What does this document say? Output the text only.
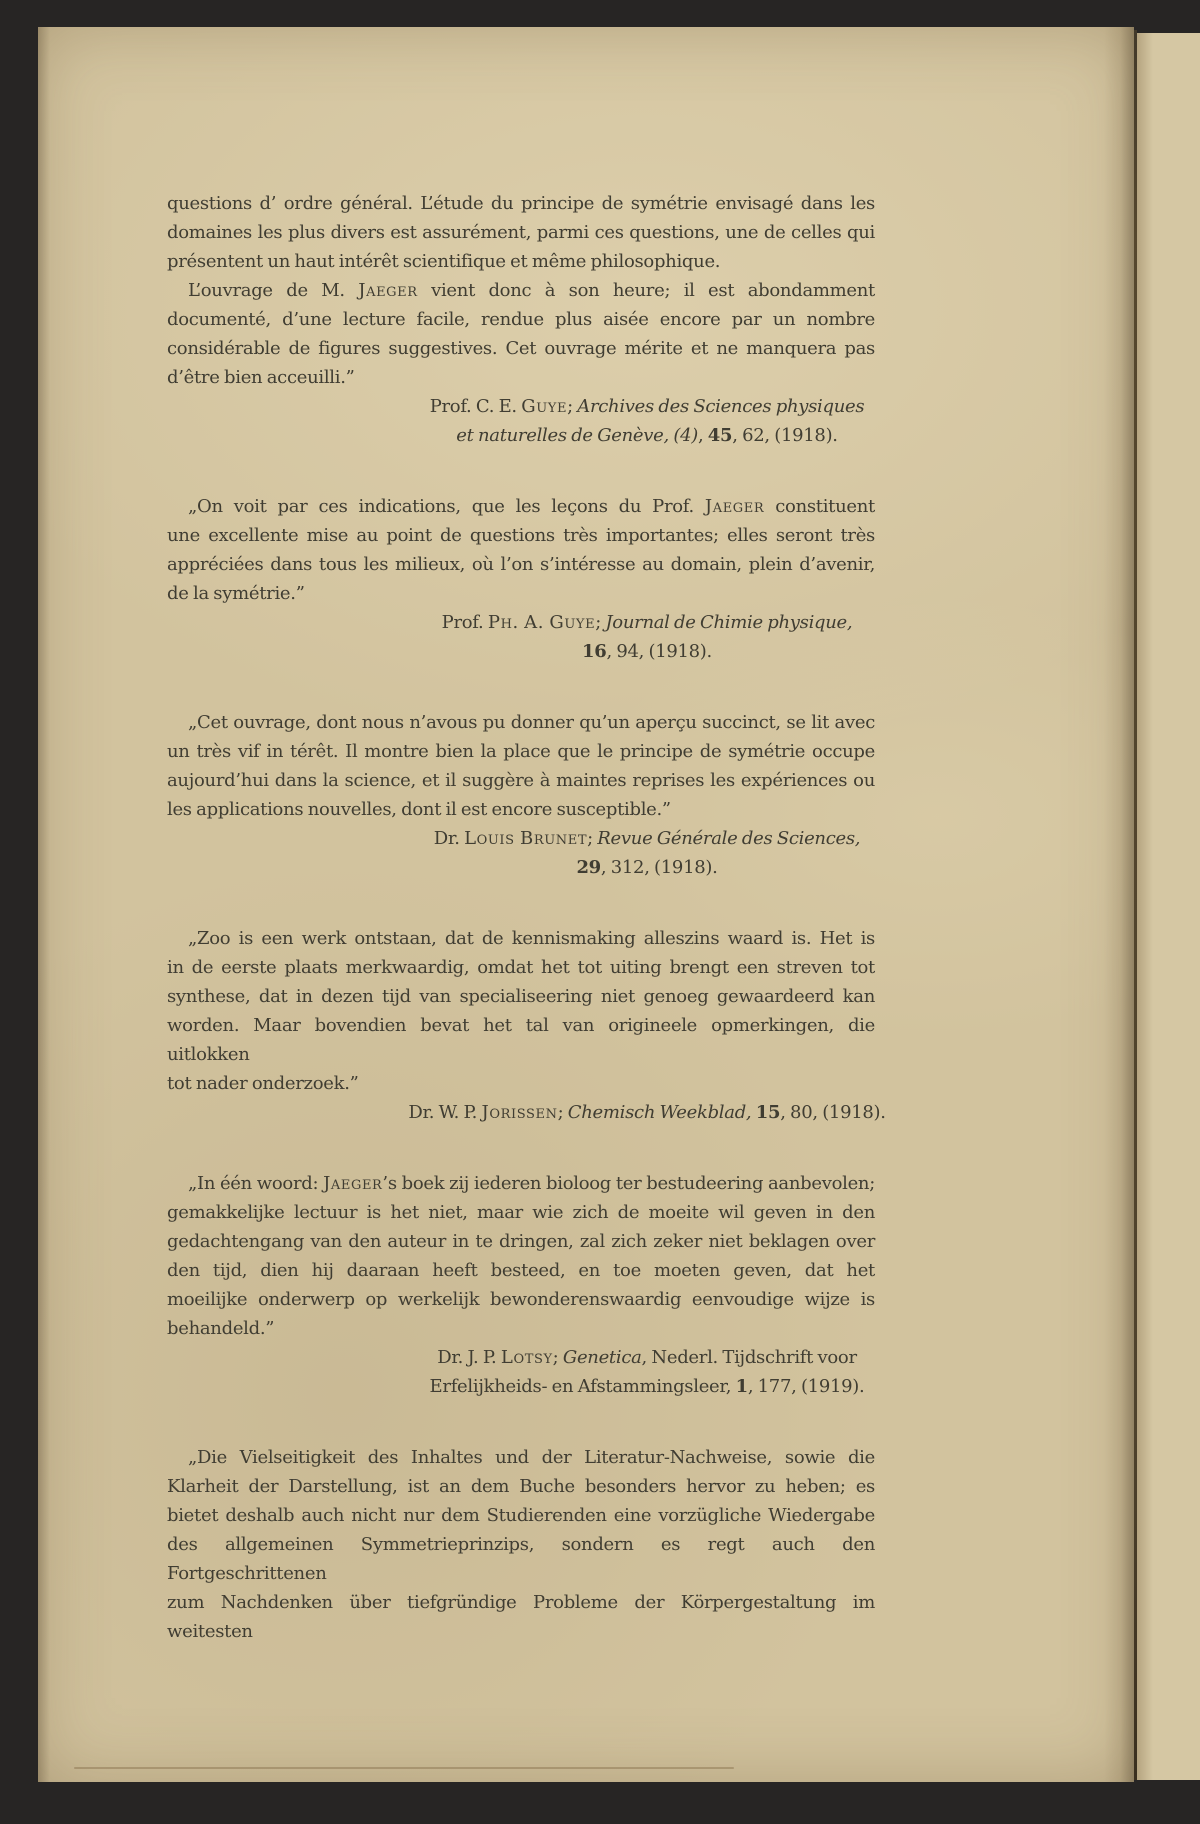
questions d’ ordre général. L’étude du principe de symétrie envisagé dans les
domaines les plus divers est assurément, parmi ces questions, une de celles qui
présentent un haut intérêt scientifique et même philosophique.
L’ouvrage de M. Jaeger vient donc à son heure; il est abondamment
documenté, d’une lecture facile, rendue plus aisée encore par un nombre
considérable de figures suggestives. Cet ouvrage mérite et ne manquera pas
d’être bien acceuilli.”
Prof. C. E. Guye; Archives des Sciences physiques
et naturelles de Genève, (4), 45, 62, (1918).
„On voit par ces indications, que les leçons du Prof. Jaeger constituent
une excellente mise au point de questions très importantes; elles seront très
appréciées dans tous les milieux, où l’on s’intéresse au domain, plein d’avenir,
de la symétrie.”
Prof. Ph. A. Guye; Journal de Chimie physique,
16, 94, (1918).
„Cet ouvrage, dont nous n’avous pu donner qu’un aperçu succinct, se lit avec
un très vif in térêt. Il montre bien la place que le principe de symétrie occupe
aujourd’hui dans la science, et il suggère à maintes reprises les expériences ou
les applications nouvelles, dont il est encore susceptible.”
Dr. Louis Brunet; Revue Générale des Sciences,
29, 312, (1918).
„Zoo is een werk ontstaan, dat de kennismaking alleszins waard is. Het is
in de eerste plaats merkwaardig, omdat het tot uiting brengt een streven tot
synthese, dat in dezen tijd van specialiseering niet genoeg gewaardeerd kan
worden. Maar bovendien bevat het tal van origineele opmerkingen, die uitlokken
tot nader onderzoek.”
Dr. W. P. Jorissen; Chemisch Weekblad, 15, 80, (1918).
„In één woord: Jaeger’s boek zij iederen bioloog ter bestudeering aanbevolen;
gemakkelijke lectuur is het niet, maar wie zich de moeite wil geven in den
gedachtengang van den auteur in te dringen, zal zich zeker niet beklagen over
den tijd, dien hij daaraan heeft besteed, en toe moeten geven, dat het
moeilijke onderwerp op werkelijk bewonderenswaardig eenvoudige wijze is
behandeld.”
Dr. J. P. Lotsy; Genetica, Nederl. Tijdschrift voor
Erfelijkheids- en Afstammingsleer, 1, 177, (1919).
„Die Vielseitigkeit des Inhaltes und der Literatur-Nachweise, sowie die
Klarheit der Darstellung, ist an dem Buche besonders hervor zu heben; es
bietet deshalb auch nicht nur dem Studierenden eine vorzügliche Wiedergabe
des allgemeinen Symmetrieprinzips, sondern es regt auch den Fortgeschrittenen
zum Nachdenken über tiefgründige Probleme der Körpergestaltung im weitesten
